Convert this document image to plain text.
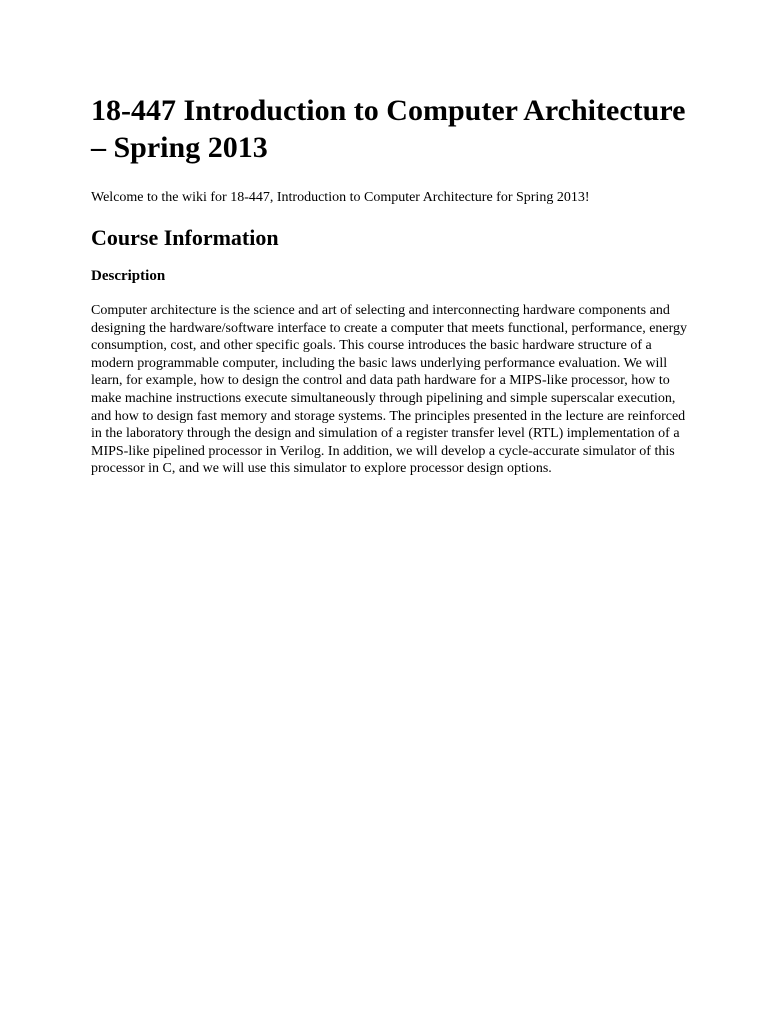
18-447 Introduction to Computer Architecture – Spring 2013

Welcome to the wiki for 18-447, Introduction to Computer Architecture for Spring 2013!

Course Information
Description

Computer architecture is the science and art of selecting and interconnecting hardware components and designing the hardware/software interface to create a computer that meets functional, performance, energy consumption, cost, and other specific goals. This course introduces the basic hardware structure of a modern programmable computer, including the basic laws underlying performance evaluation. We will learn, for example, how to design the control and data path hardware for a MIPS-like processor, how to make machine instructions execute simultaneously through pipelining and simple superscalar execution, and how to design fast memory and storage systems. The principles presented in the lecture are reinforced in the laboratory through the design and simulation of a register transfer level (RTL) implementation of a MIPS-like pipelined processor in Verilog. In addition, we will develop a cycle-accurate simulator of this processor in C, and we will use this simulator to explore processor design options.
